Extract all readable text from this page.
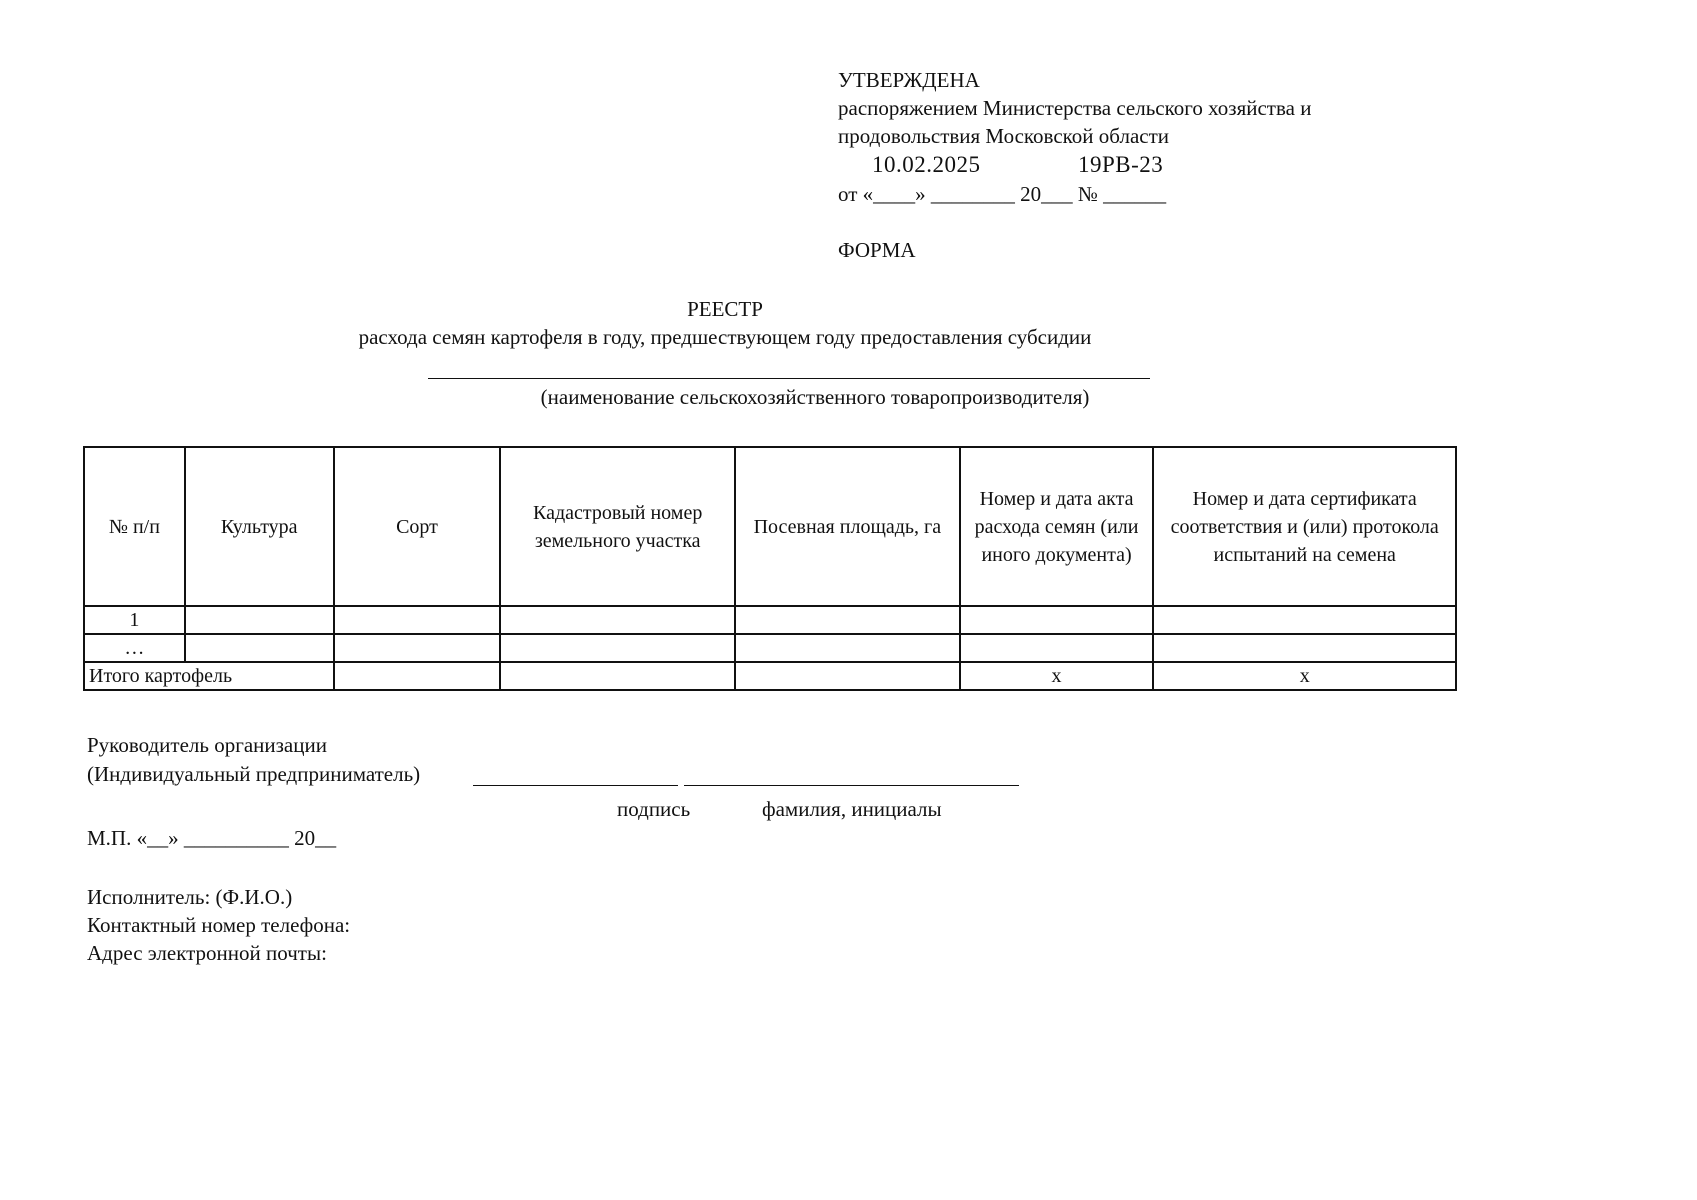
УТВЕРЖДЕНА
распоряжением Министерства сельского хозяйства и
продовольствия Московской области
10.02.2025	19РВ-23
от «____» ________ 20___ № ______
ФОРМА
РЕЕСТР
расхода семян картофеля в году, предшествующем году предоставления субсидии
(наименование сельскохозяйственного товаропроизводителя)
№ п/п	Культура	Сорт	Кадастровый номер земельного участка	Посевная площадь, га	Номер и дата акта расхода семян (или иного документа)	Номер и дата сертификата соответствия и (или) протокола испытаний на семена
1						
…						
Итого картофель					х	х
Руководитель организации
(Индивидуальный предприниматель)
подпись	фамилия, инициалы
М.П. «__» __________ 20__
Исполнитель: (Ф.И.О.)
Контактный номер телефона:
Адрес электронной почты:
